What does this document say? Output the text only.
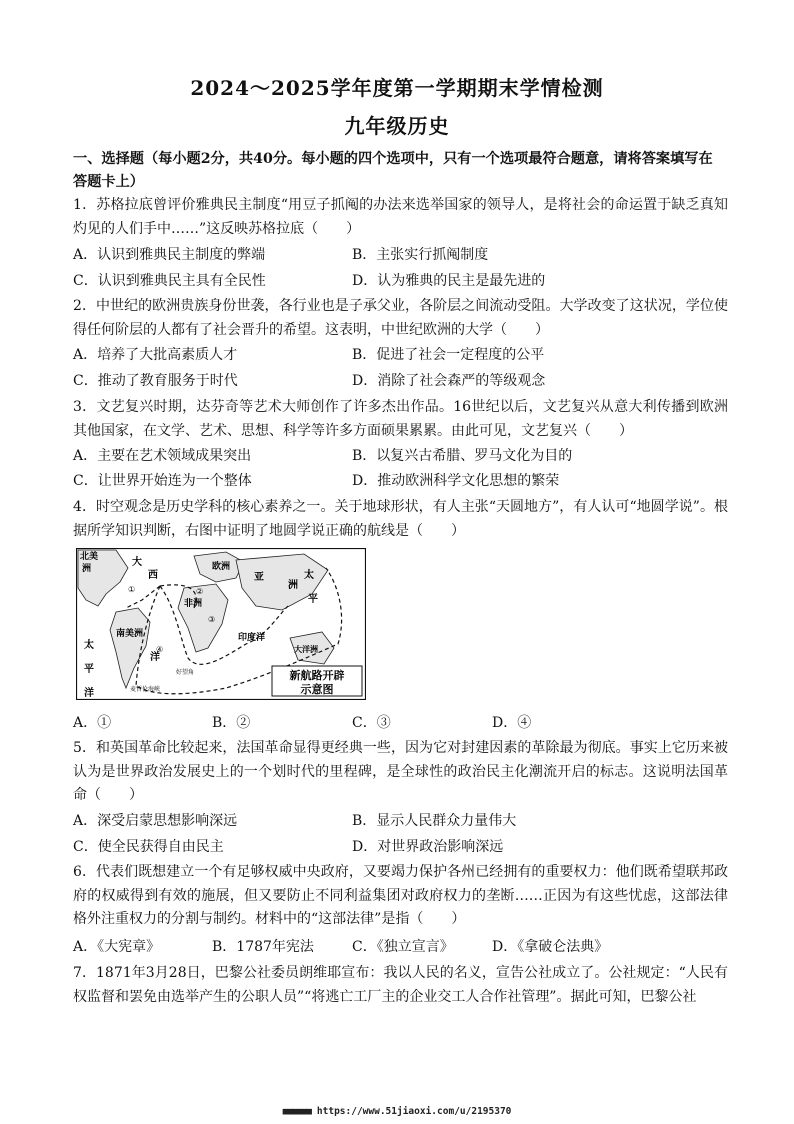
2024～2025学年度第一学期期末学情检测
九年级历史
一、选择题（每小题2分，共40分。每小题的四个选项中，只有一个选项最符合题意，请将答案填写在答题卡上）
1．苏格拉底曾评价雅典民主制度“用豆子抓阄的办法来选举国家的领导人，是将社会的命运置于缺乏真知灼见的人们手中……”这反映苏格拉底（　　）
A．认识到雅典民主制度的弊端	B．主张实行抓阄制度
C．认识到雅典民主具有全民性	D．认为雅典的民主是最先进的
2．中世纪的欧洲贵族身份世袭，各行业也是子承父业，各阶层之间流动受阻。大学改变了这状况，学位使得任何阶层的人都有了社会晋升的希望。这表明，中世纪欧洲的大学（　　）
A．培养了大批高素质人才	B．促进了社会一定程度的公平
C．推动了教育服务于时代	D．消除了社会森严的等级观念
3．文艺复兴时期，达芬奇等艺术大师创作了许多杰出作品。16世纪以后，文艺复兴从意大利传播到欧洲其他国家，在文学、艺术、思想、科学等许多方面硕果累累。由此可见，文艺复兴（　　）
A．主要在艺术领域成果突出	B．以复兴古希腊、罗马文化为目的
C．让世界开始连为一个整体	D．推动欧洲科学文化思想的繁荣
4．时空观念是历史学科的核心素养之一。关于地球形状，有人主张“天圆地方”，有人认可“地圆学说”。根据所学知识判断，右图中证明了地圆学说正确的航线是（　　）
北美
洲
大
西
欧洲
亚
洲
非洲
南美洲	印度洋
太
平
洋
太
平
大洋洲
洋
好望角
麦哲伦海峡
①	②
③
④
新航路开辟
示意图
A．①	B．②	C．③	D．④
5．和英国革命比较起来，法国革命显得更经典一些，因为它对封建因素的革除最为彻底。事实上它历来被认为是世界政治发展史上的一个划时代的里程碑，是全球性的政治民主化潮流开启的标志。这说明法国革命（　　）
A．深受启蒙思想影响深远	B．显示人民群众力量伟大
C．使全民获得自由民主	D．对世界政治影响深远
6．代表们既想建立一个有足够权威中央政府，又要竭力保护各州已经拥有的重要权力：他们既希望联邦政府的权威得到有效的施展，但又要防止不同利益集团对政府权力的垄断……正因为有这些忧虑，这部法律格外注重权力的分割与制约。材料中的“这部法律”是指（　　）
A．《大宪章》	B．1787年宪法	C．《独立宣言》	D．《拿破仑法典》
7．1871年3月28日，巴黎公社委员朗维耶宣布：我以人民的名义，宣告公社成立了。公社规定：“人民有权监督和罢免由选举产生的公职人员”“将逃亡工厂主的企业交工人合作社管理”。据此可知，巴黎公社
■■■■■■ https://www.51jiaoxi.com/u/2195370
